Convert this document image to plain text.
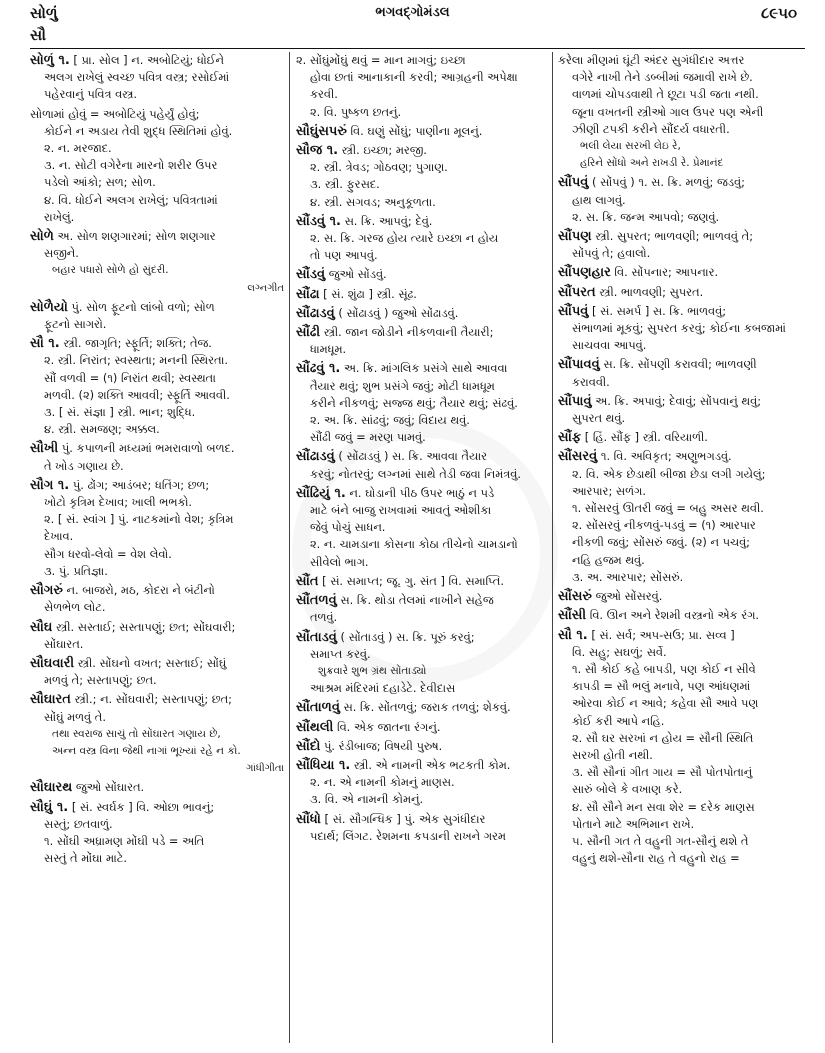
સોળું	ભગવદ્ગોમંડલ	૮૯૫૦
સૌ
સોળું ૧. [ પ્રા. સોલ ] ન. અબોટિયું; ધોઈને
અલગ રાખેલું સ્વચ્છ પવિત્ર વસ્ત્ર; રસોઈમાં
પહેરવાનું પવિત્ર વસ્ત્ર.
સોળામાં હોવું = અબોટિયું પહેર્યું હોવું;
કોઈને ન અડાય તેવી શુદ્ધ સ્થિતિમાં હોવું.
૨. ન. મરજાદ.
૩. ન. સોટી વગેરેના મારનો શરીર ઉપર
પડેલો આંકો; સળ; સોળ.
૪. વિ. ધોઈને અલગ રાખેલું; પવિત્રતામાં
રાખેલું.
સોળે અ. સોળ શણગારમાં; સોળ શણગાર
સજીને.
બહાર પધારો સોળે હો સુંદરી.
લગ્નગીત
સોળૈયો પું. સોળ ફૂટનો લાંબો વળો; સોળ
ફૂટનો સાગરો.
સૌ ૧. સ્ત્રી. જાગૃતિ; સ્ફૂર્તિ; શક્તિ; તેજ.
૨. સ્ત્રી. નિરાંત; સ્વસ્થતા; મનની સ્થિરતા.
સૌં વળવી = (૧) નિરાંત થવી; સ્વસ્થતા
મળવી. (૨) શક્તિ આવવી; સ્ફૂર્તિ આવવી.
૩. [ સં. સંજ્ઞા ] સ્ત્રી. ભાન; શુદ્ધિ.
૪. સ્ત્રી. સમજણ; અક્કલ.
સૌખી પું. કપાળની મધ્યમાં ભમરાવાળો બળદ.
તે ખોડ ગણાય છે.
સૌગ ૧. પું. ઢોંગ; આડંબર; ધતિંગ; છળ;
ખોટો કૃત્રિમ દેખાવ; ખાલી ભભકો.
૨. [ સં. સ્વાંગ ] પું. નાટકમાંનો વેશ; કૃત્રિમ
દેખાવ.
સૌગ ધરવો-લેવો = વેશ લેવો.
૩. પું. પ્રતિજ્ઞા.
સૌગરું ન. બાજરો, મઠ, કોદરા ને બંટીનો
સેળભેળ લોટ.
સૌઘ સ્ત્રી. સસ્તાઈ; સસ્તાપણું; છત; સોંઘવારી;
સોંઘારત.
સૌઘવારી સ્ત્રી. સોંઘનો વખત; સસ્તાઈ; સોંઘું
મળવું તે; સસ્તાપણું; છત.
સૌઘારત સ્ત્રી.; ન. સોંઘવારી; સસ્તાપણું; છત;
સોંઘું મળવું તે.
તથા સ્વરાજ સાચું તો સોંઘારત ગણાય છે,
અન્ન વસ્ત્ર વિના જેથી નાગાં ભૂખ્યાં રહે ન કો.
ગાંધીગીતા
સૌઘારથ જુઓ સોંઘારત.
સૌઘું ૧. [ સં. સ્વર્ઘક ] વિ. ઓછા ભાવનું;
સસ્તું; છતવાળું.
૧. સોંઘી અધ્રામણ મોંઘી પડે = અતિ
સસ્તું તે મોંઘા માટે.
૨. સોંઘુંમોંઘું થવું = માન માગવું; ઇચ્છા
હોવા છતાં આનાકાની કરવી; આગ્રહની અપેક્ષા
કરવી.
૨. વિ. પુષ્કળ છતનું.
સૌઘુંસપરું વિ. ઘણું સોંઘું; પાણીના મૂલનું.
સૌજ ૧. સ્ત્રી. ઇચ્છા; મરજી.
૨. સ્ત્રી. ત્રેવડ; ગોઠવણ; પુગાણ.
૩. સ્ત્રી. ફુરસદ.
૪. સ્ત્રી. સગવડ; અનુકૂળતા.
સૌંડવું ૧. સ. ક્રિ. આપવું; દેવું.
૨. સ. ક્રિ. ગરજ હોય ત્યારે ઇચ્છા ન હોય
તો પણ આપવું.
સૌંડવું જુઓ સોંડવું.
સૌંઢા [ સં. શુંઢા ] સ્ત્રી. સૂંઢ.
સૌંઢાડવું ( સોંઢાડવું ) જુઓ સોંઢાડવું.
સૌંઢી સ્ત્રી. જાન જોડીને નીકળવાની તૈયારી;
ધામધૂમ.
સૌંઢવું ૧. અ. ક્રિ. માંગલિક પ્રસંગે સાથે આવવા
તૈયાર થવું; શુભ પ્રસંગે જવું; મોટી ધામધૂમ
કરીને નીકળવું; સજ્જ થવું; તૈયાર થવું; સંઢવું.
૨. અ. ક્રિ. સાંઢવું; જવું; વિદાય થવું.
સૌંઢી જવું = મરણ પામવું.
સૌંઢાડવું ( સોંઢાડવું ) સ. ક્રિ. આવવા તૈયાર
કરવું; નોતરવું; લગ્નમાં સાથે તેડી જવા નિમંત્રવું.
સૌંઢિયું ૧. ન. ઘોડાની પીઠ ઉપર ભાઠું ન પડે
માટે બંને બાજુ રાખવામાં આવતું ઓશીકા
જેવું પોચું સાધન.
૨. ન. ચામડાના કોસના કોઠા તીચેનો ચામડાનો
સીવેલો ભાગ.
સૌંત [ સં. સમાપ્ત; જૂ. ગુ. સંત ] વિ. સમાપ્તિ.
સૌંતળવું સ. ક્રિ. થોડા તેલમાં નાખીને સહેજ
તળવું.
સૌંતાડવું ( સોંતાડવું ) સ. ક્રિ. પૂરું કરવું;
સમાપ્ત કરવું.
શુક્રવારે શુભ ગ્રંથ સોંતાડ્યો
આશ્રમ મંદિરમાં દહાડેટે. દેવીદાસ
સૌંતાળવું સ. ક્રિ. સોંતળવું; જરાક તળવું; શેકવું.
સૌંથલી વિ. એક જાતના રંગનું.
સૌંદો પું. રંડીબાજ; વિષયી પુરુષ.
સૌંધિયા ૧. સ્ત્રી. એ નામની એક ભટકતી કોમ.
૨. ન. એ નામની કોમનું માણસ.
૩. વિ. એ નામની કોમનું.
સૌંધો [ સં. સૌગન્ધિક ] પું. એક સુગંધીદાર
પદાર્થ; લિંગટ. રેશમના કપડાની રાખને ગરમ
કરેલા મીણમાં ઘૂંટી અંદર સુગંધીદાર અત્તર
વગેરે નાખી તેને ડબ્બીમાં જમાવી રાખે છે.
વાળમાં ચોપડવાથી તે છૂટા પડી જતા નથી.
જૂના વખતની સ્ત્રીઓ ગાલ ઉપર પણ એની
ઝીણી ટપકી કરીને સૌંદર્ય વધારતી.
ભલી લેયા સરખી લેઇ રે,
હરિને સોંધો અને રાખડી રે. પ્રેમાનંદ
સૌંપવું ( સોંપવું ) ૧. સ. ક્રિ. મળવું; જડવું;
હાથ લાગવું.
૨. સ. ક્રિ. જન્મ આપવો; જણવું.
સૌંપણ સ્ત્રી. સુપરત; ભાળવણી; ભાળવવું તે;
સોંપવું તે; હવાલો.
સૌંપણહાર વિ. સોંપનાર; આપનાર.
સૌંપરત સ્ત્રી. ભાળવણી; સુપરત.
સૌંપવું [ સં. સમર્પ ] સ. ક્રિ. ભાળવવું;
સંભાળમાં મૂકવું; સુપરત કરવું; કોઈના કબજામાં
સાચવવા આપવું.
સૌંપાવવું સ. ક્રિ. સોંપણી કરાવવી; ભાળવણી
કરાવવી.
સૌંપાવું અ. ક્રિ. અપાવું; દેવાવું; સોંપવાનું થવું;
સુપરત થવું.
સૌંફ [ હિં. સૌંફ ] સ્ત્રી. વરિયાળી.
સૌંસરવું ૧. વિ. અવિકૃત; અણુભગડવું.
૨. વિ. એક છેડાથી બીજા છેડા લગી ગયેલું;
આરપાર; સળંગ.
૧. સોંસરવું ઊતરી જવું = બહુ અસર થવી.
૨. સોંસરવું નીકળવું-પડવું = (૧) આરપાર
નીકળી જવું; સોંસરું જવું. (૨) ન પચવું;
નહિ હજમ થવું.
૩. અ. આરપાર; સોંસરું.
સૌંસરું જુઓ સોંસરવું.
સૌંસી વિ. ઊન અને રેશમી વસ્ત્રનો એક રંગ.
સૌ ૧. [ સં. સર્વ; અપ-સઉ; પ્રા. સવ્વ ]
વિ. સહુ; સઘળું; સર્વે.
૧. સૌ કોઈ કહે બાપડી, પણ કોઈ ન સીવે
કાપડી = સૌ ભલું મનાવે, પણ આંધણમાં
ઓરવા કોઈ ન આવે; કહેવા સૌ આવે પણ
કોઈ કરી આપે નહિ.
૨. સૌ ઘર સરખાં ન હોય = સૌની સ્થિતિ
સરખી હોતી નથી.
૩. સૌ સૌનાં ગીત ગાય = સૌ પોતપોતાનું
સારું બોલે કે વખાણ કરે.
૪. સૌ સૌને મન સવા શેર = દરેક માણસ
પોતાને માટે અભિમાન રાખે.
૫. સૌની ગત તે વહુની ગત-સૌનું થશે તે
વહુનું થશે-સૌના રાહ તે વહુનો રાહ =
